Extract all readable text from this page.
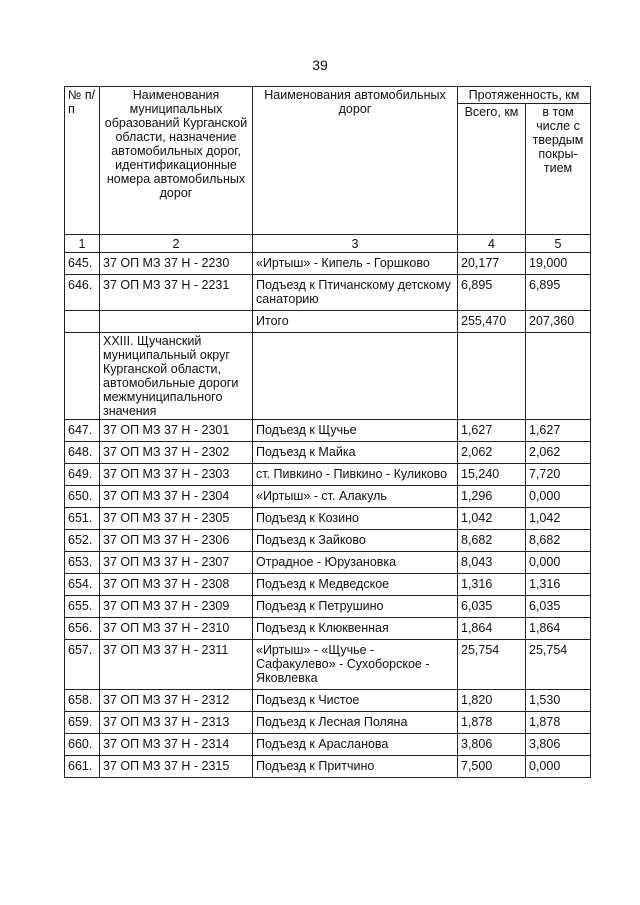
39
№ п/п	Наименования муниципальных образований Курганской области, назначение автомобильных дорог, идентификационные номера автомобильных дорог	Наименования автомобильных дорог	Протяженность, км	
			Всего, км	в том числе с твердым покры-тием
1	2	3	4	5
645.	37 ОП МЗ 37 Н - 2230	«Иртыш» - Кипель - Горшково	20,177	19,000
646.	37 ОП МЗ 37 Н - 2231	Подъезд к Птичанскому детскому санаторию	6,895	6,895
		Итого	255,470	207,360
	XXIII. Щучанский муниципальный округ Курганской области, автомобильные дороги межмуниципального значения			
647.	37 ОП МЗ 37 Н - 2301	Подъезд к Щучье	1,627	1,627
648.	37 ОП МЗ 37 Н - 2302	Подъезд к Майка	2,062	2,062
649.	37 ОП МЗ 37 Н - 2303	ст. Пивкино - Пивкино - Куликово	15,240	7,720
650.	37 ОП МЗ 37 Н - 2304	«Иртыш» - ст. Алакуль	1,296	0,000
651.	37 ОП МЗ 37 Н - 2305	Подъезд к Козино	1,042	1,042
652.	37 ОП МЗ 37 Н - 2306	Подъезд к Зайково	8,682	8,682
653.	37 ОП МЗ 37 Н - 2307	Отрадное - Юрузановка	8,043	0,000
654.	37 ОП МЗ 37 Н - 2308	Подъезд к Медведское	1,316	1,316
655.	37 ОП МЗ 37 Н - 2309	Подъезд к Петрушино	6,035	6,035
656.	37 ОП МЗ 37 Н - 2310	Подъезд к Клюквенная	1,864	1,864
657.	37 ОП МЗ 37 Н - 2311	«Иртыш» - «Щучье - Сафакулево» - Сухоборское - Яковлевка	25,754	25,754
658.	37 ОП МЗ 37 Н - 2312	Подъезд к Чистое	1,820	1,530
659.	37 ОП МЗ 37 Н - 2313	Подъезд к Лесная Поляна	1,878	1,878
660.	37 ОП МЗ 37 Н - 2314	Подъезд к Арасланова	3,806	3,806
661.	37 ОП МЗ 37 Н - 2315	Подъезд к Притчино	7,500	0,000
